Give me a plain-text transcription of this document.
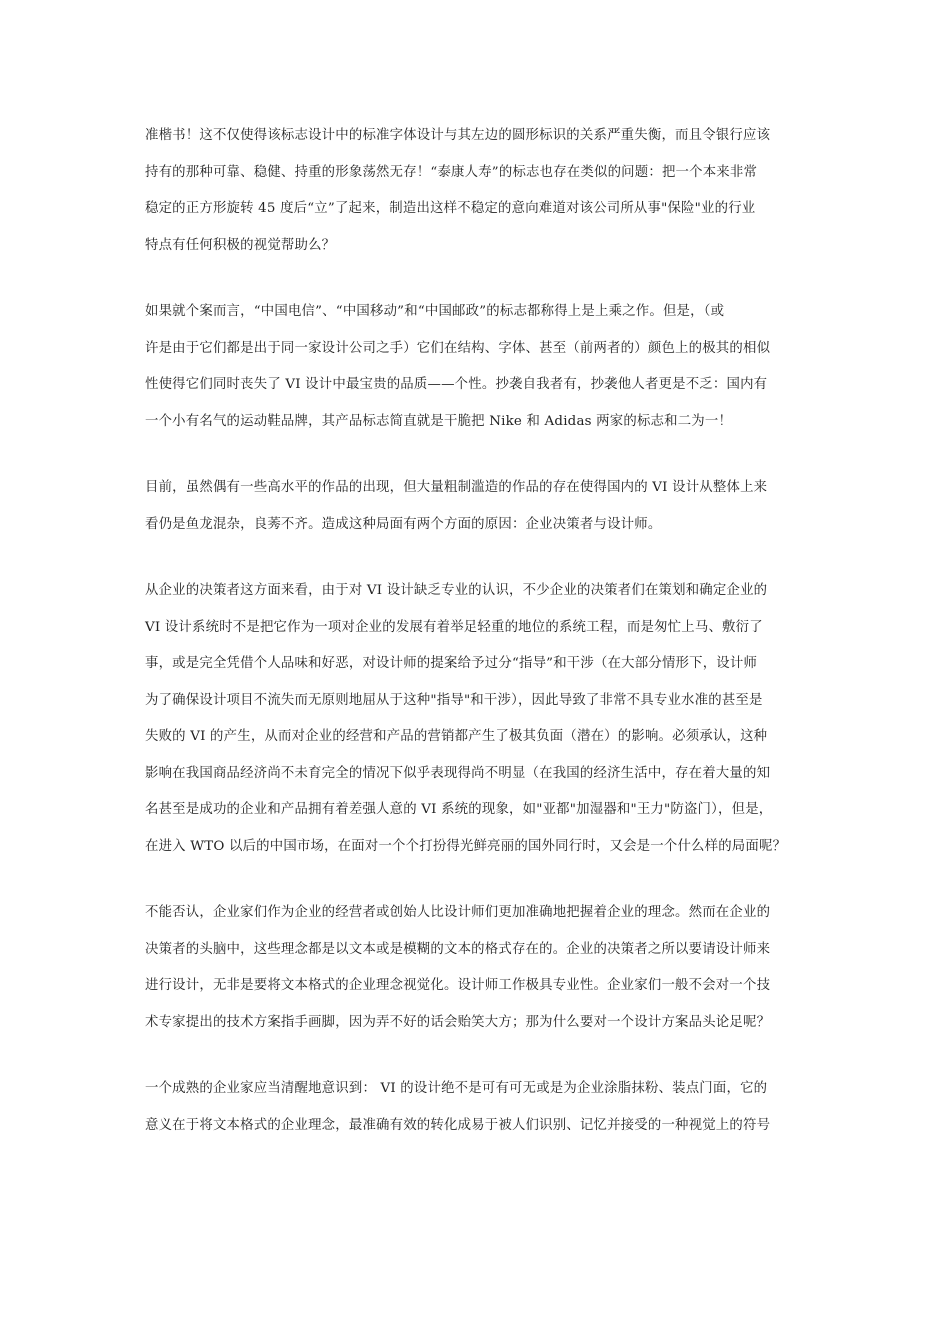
准楷书！这不仅使得该标志设计中的标准字体设计与其左边的圆形标识的关系严重失衡，而且令银行应该
持有的那种可靠、稳健、持重的形象荡然无存！“泰康人寿”的标志也存在类似的问题：把一个本来非常
稳定的正方形旋转 45 度后“立”了起来，制造出这样不稳定的意向难道对该公司所从事"保险"业的行业
特点有任何积极的视觉帮助么？

如果就个案而言，“中国电信”、“中国移动”和“中国邮政”的标志都称得上是上乘之作。但是，（或
许是由于它们都是出于同一家设计公司之手）它们在结构、字体、甚至（前两者的）颜色上的极其的相似
性使得它们同时丧失了 VI 设计中最宝贵的品质——个性。抄袭自我者有，抄袭他人者更是不乏：国内有
一个小有名气的运动鞋品牌，其产品标志简直就是干脆把 Nike 和 Adidas 两家的标志和二为一！

目前，虽然偶有一些高水平的作品的出现，但大量粗制滥造的作品的存在使得国内的 VI 设计从整体上来
看仍是鱼龙混杂，良莠不齐。造成这种局面有两个方面的原因：企业决策者与设计师。

从企业的决策者这方面来看，由于对 VI 设计缺乏专业的认识，不少企业的决策者们在策划和确定企业的
VI 设计系统时不是把它作为一项对企业的发展有着举足轻重的地位的系统工程，而是匆忙上马、敷衍了
事，或是完全凭借个人品味和好恶，对设计师的提案给予过分“指导”和干涉（在大部分情形下，设计师
为了确保设计项目不流失而无原则地屈从于这种"指导"和干涉），因此导致了非常不具专业水准的甚至是
失败的 VI 的产生，从而对企业的经营和产品的营销都产生了极其负面（潜在）的影响。必须承认，这种
影响在我国商品经济尚不未育完全的情况下似乎表现得尚不明显（在我国的经济生活中，存在着大量的知
名甚至是成功的企业和产品拥有着差强人意的 VI 系统的现象，如"亚都"加湿器和"王力"防盗门），但是，
在进入 WTO 以后的中国市场，在面对一个个打扮得光鲜亮丽的国外同行时，又会是一个什么样的局面呢？

不能否认，企业家们作为企业的经营者或创始人比设计师们更加准确地把握着企业的理念。然而在企业的
决策者的头脑中，这些理念都是以文本或是模糊的文本的格式存在的。企业的决策者之所以要请设计师来
进行设计，无非是要将文本格式的企业理念视觉化。设计师工作极具专业性。企业家们一般不会对一个技
术专家提出的技术方案指手画脚，因为弄不好的话会贻笑大方；那为什么要对一个设计方案品头论足呢？

一个成熟的企业家应当清醒地意识到： VI 的设计绝不是可有可无或是为企业涂脂抹粉、装点门面，它的
意义在于将文本格式的企业理念，最准确有效的转化成易于被人们识别、记忆并接受的一种视觉上的符号
